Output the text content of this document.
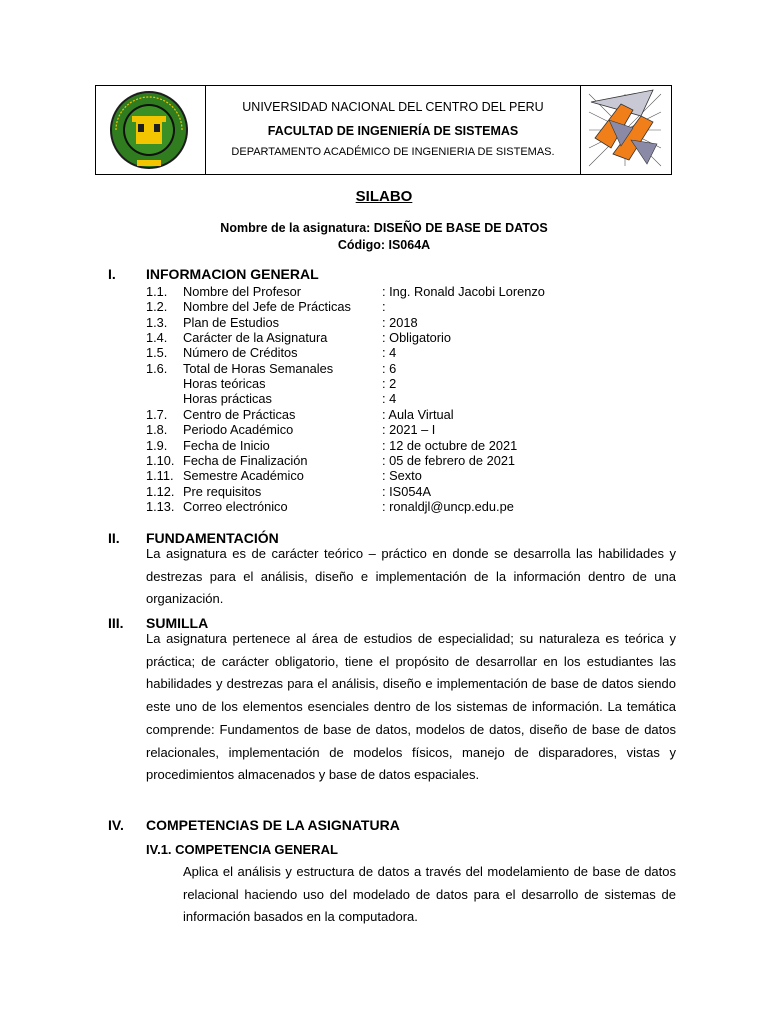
UNIVERSIDAD NACIONAL DEL CENTRO DEL PERU
FACULTAD DE INGENIERÍA DE SISTEMAS
DEPARTAMENTO ACADÉMICO DE INGENIERIA DE SISTEMAS.
SILABO
Nombre de la asignatura: DISEÑO DE BASE DE DATOS
Código: IS064A
I.	INFORMACION GENERAL
1.1. Nombre del Profesor	: Ing. Ronald Jacobi Lorenzo
1.2. Nombre del Jefe de Prácticas :
1.3. Plan de Estudios	: 2018
1.4. Carácter de la Asignatura	: Obligatorio
1.5. Número de Créditos	: 4
1.6. Total de Horas Semanales	: 6
Horas teóricas	: 2
Horas prácticas	: 4
1.7. Centro de Prácticas	: Aula Virtual
1.8. Periodo Académico	: 2021 – I
1.9. Fecha de Inicio	: 12 de octubre de 2021
1.10. Fecha de Finalización	: 05 de febrero de 2021
1.11. Semestre Académico	: Sexto
1.12. Pre requisitos	: IS054A
1.13. Correo electrónico	: ronaldjl@uncp.edu.pe
II.	FUNDAMENTACIÓN

La asignatura es de carácter teórico – práctico en donde se desarrolla las habilidades y destrezas para el análisis, diseño e implementación de la información dentro de una organización.

III.	SUMILLA

La asignatura pertenece al área de estudios de especialidad; su naturaleza es teórica y práctica; de carácter obligatorio, tiene el propósito de desarrollar en los estudiantes las habilidades y destrezas para el análisis, diseño e implementación de base de datos siendo este uno de los elementos esenciales dentro de los sistemas de información. La temática comprende: Fundamentos de base de datos, modelos de datos, diseño de base de datos relacionales, implementación de modelos físicos, manejo de disparadores, vistas y procedimientos almacenados y base de datos espaciales.

IV.	COMPETENCIAS DE LA ASIGNATURA
IV.1. COMPETENCIA GENERAL

Aplica el análisis y estructura de datos a través del modelamiento de base de datos relacional haciendo uso del modelado de datos para el desarrollo de sistemas de información basados en la computadora.
